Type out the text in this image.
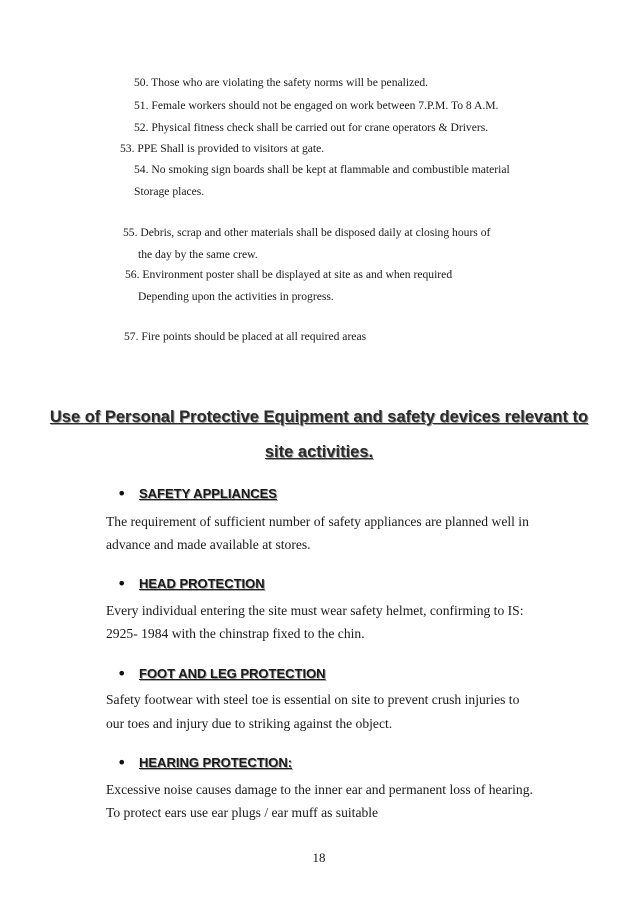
50. Those who are violating the safety norms will be penalized.
51. Female workers should not be engaged on work between 7.P.M. To 8 A.M.
52. Physical fitness check shall be carried out for crane operators & Drivers.
53. PPE Shall is provided to visitors at gate.
54. No smoking sign boards shall be kept at flammable and combustible material
Storage places.
55. Debris, scrap and other materials shall be disposed daily at closing hours of
the day by the same crew.
56. Environment poster shall be displayed at site as and when required
Depending upon the activities in progress.
57. Fire points should be placed at all required areas
Use of Personal Protective Equipment and safety devices relevant to
site activities.
• SAFETY APPLIANCES
The requirement of sufficient number of safety appliances are planned well in
advance and made available at stores.
• HEAD PROTECTION
Every individual entering the site must wear safety helmet, confirming to IS:
2925- 1984 with the chinstrap fixed to the chin.
• FOOT AND LEG PROTECTION
Safety footwear with steel toe is essential on site to prevent crush injuries to
our toes and injury due to striking against the object.
• HEARING PROTECTION:
Excessive noise causes damage to the inner ear and permanent loss of hearing.
To protect ears use ear plugs / ear muff as suitable
18
